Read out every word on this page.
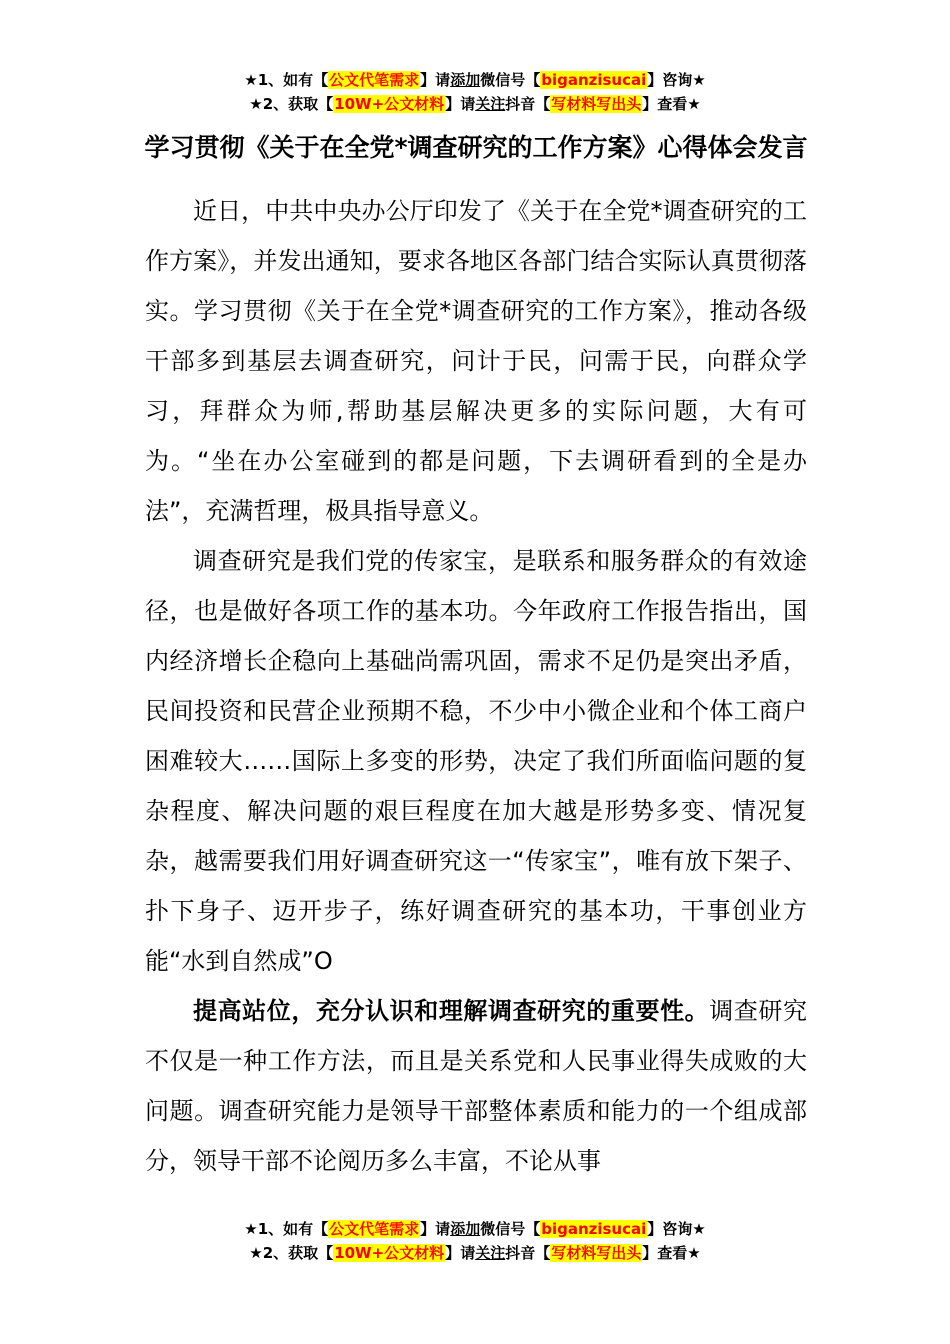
★1、如有【公文代笔需求】请添加微信号【biganzisucai】咨询★
★2、获取【10W+公文材料】请关注抖音【写材料写出头】查看★
学习贯彻《关于在全党*调查研究的工作方案》心得体会发言

近日，中共中央办公厅印发了《关于在全党*调查研究的工作方案》，并发出通知，要求各地区各部门结合实际认真贯彻落实。学习贯彻《关于在全党*调查研究的工作方案》，推动各级干部多到基层去调查研究，问计于民，问需于民，向群众学习，拜群众为师,帮助基层解决更多的实际问题，大有可为。“坐在办公室碰到的都是问题，下去调研看到的全是办法”，充满哲理，极具指导意义。

调查研究是我们党的传家宝，是联系和服务群众的有效途径，也是做好各项工作的基本功。今年政府工作报告指出，国内经济增长企稳向上基础尚需巩固，需求不足仍是突出矛盾，民间投资和民营企业预期不稳，不少中小微企业和个体工商户困难较大……国际上多变的形势，决定了我们所面临问题的复杂程度、解决问题的艰巨程度在加大越是形势多变、情况复杂，越需要我们用好调查研究这一“传家宝”，唯有放下架子、扑下身子、迈开步子，练好调查研究的基本功，干事创业方能“水到自然成”O

提高站位，充分认识和理解调查研究的重要性。调查研究不仅是一种工作方法，而且是关系党和人民事业得失成败的大问题。调查研究能力是领导干部整体素质和能力的一个组成部分，领导干部不论阅历多么丰富，不论从事

★1、如有【公文代笔需求】请添加微信号【biganzisucai】咨询★
★2、获取【10W+公文材料】请关注抖音【写材料写出头】查看★
